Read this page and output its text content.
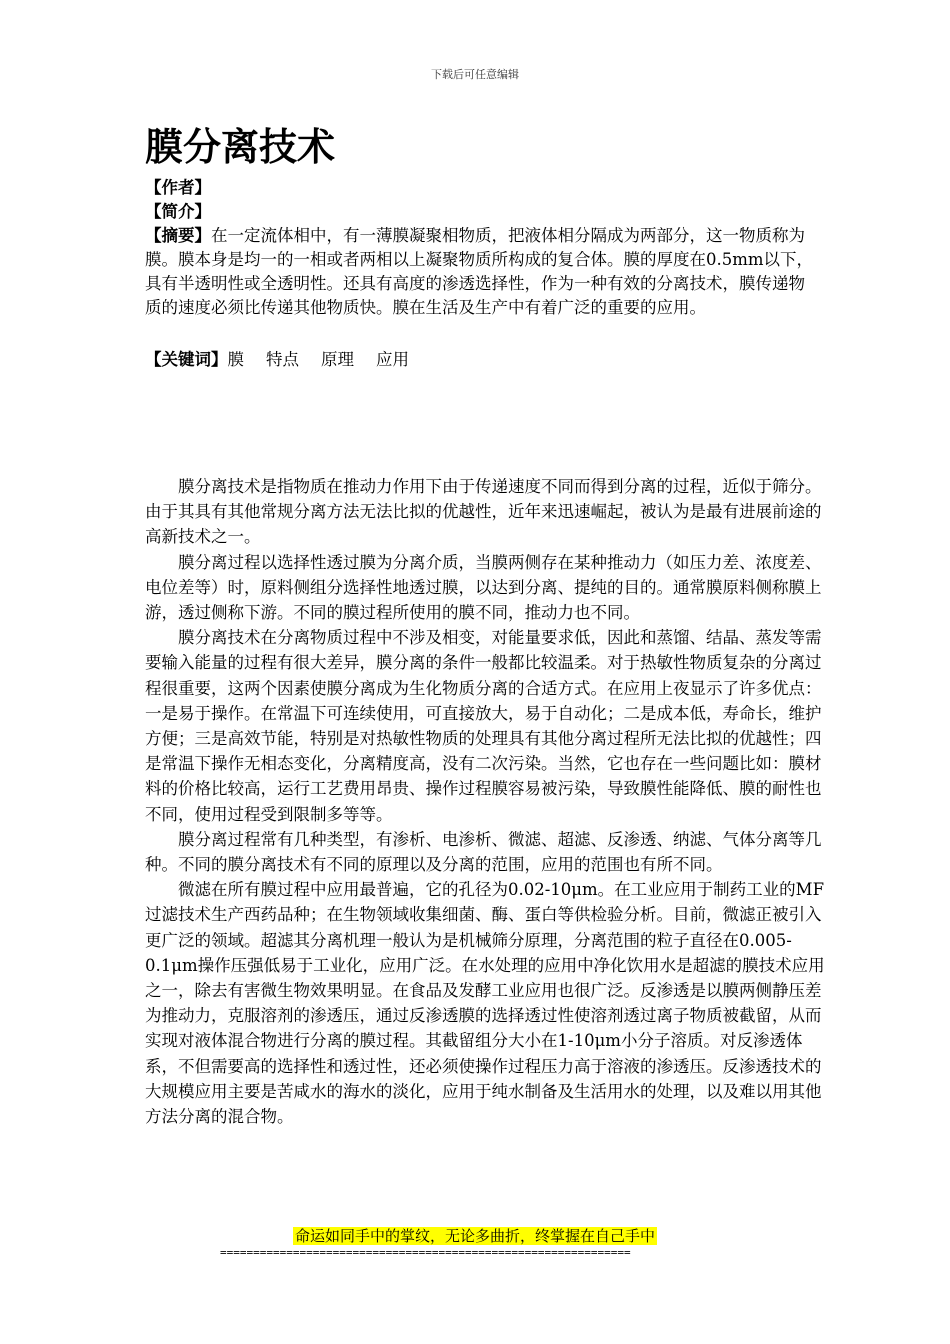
下载后可任意编辑
膜分离技术
【作者】
【简介】
【摘要】在一定流体相中，有一薄膜凝聚相物质，把液体相分隔成为两部分，这一物质称为膜。膜本身是均一的一相或者两相以上凝聚物质所构成的复合体。膜的厚度在0.5mm以下，具有半透明性或全透明性。还具有高度的渗透选择性，作为一种有效的分离技术，膜传递物质的速度必须比传递其他物质快。膜在生活及生产中有着广泛的重要的应用。
【关键词】膜 特点 原理 应用

膜分离技术是指物质在推动力作用下由于传递速度不同而得到分离的过程，近似于筛分。由于其具有其他常规分离方法无法比拟的优越性，近年来迅速崛起，被认为是最有进展前途的高新技术之一。

膜分离过程以选择性透过膜为分离介质，当膜两侧存在某种推动力（如压力差、浓度差、电位差等）时，原料侧组分选择性地透过膜，以达到分离、提纯的目的。通常膜原料侧称膜上游，透过侧称下游。不同的膜过程所使用的膜不同，推动力也不同。

膜分离技术在分离物质过程中不涉及相变，对能量要求低，因此和蒸馏、结晶、蒸发等需要输入能量的过程有很大差异，膜分离的条件一般都比较温柔。对于热敏性物质复杂的分离过程很重要，这两个因素使膜分离成为生化物质分离的合适方式。在应用上夜显示了许多优点：一是易于操作。在常温下可连续使用，可直接放大，易于自动化；二是成本低，寿命长，维护方便；三是高效节能，特别是对热敏性物质的处理具有其他分离过程所无法比拟的优越性；四是常温下操作无相态变化，分离精度高，没有二次污染。当然，它也存在一些问题比如：膜材料的价格比较高，运行工艺费用昂贵、操作过程膜容易被污染，导致膜性能降低、膜的耐性也不同，使用过程受到限制多等等。

膜分离过程常有几种类型，有渗析、电渗析、微滤、超滤、反渗透、纳滤、气体分离等几种。不同的膜分离技术有不同的原理以及分离的范围，应用的范围也有所不同。

微滤在所有膜过程中应用最普遍，它的孔径为0.02-10μm。在工业应用于制药工业的MF过滤技术生产西药品种；在生物领域收集细菌、酶、蛋白等供检验分析。目前，微滤正被引入更广泛的领域。超滤其分离机理一般认为是机械筛分原理，分离范围的粒子直径在0.005-0.1μm操作压强低易于工业化，应用广泛。在水处理的应用中净化饮用水是超滤的膜技术应用之一，除去有害微生物效果明显。在食品及发酵工业应用也很广泛。反渗透是以膜两侧静压差为推动力，克服溶剂的渗透压，通过反渗透膜的选择透过性使溶剂透过离子物质被截留，从而实现对液体混合物进行分离的膜过程。其截留组分大小在1-10μm小分子溶质。对反渗透体系，不但需要高的选择性和透过性，还必须使操作过程压力高于溶液的渗透压。反渗透技术的大规模应用主要是苦咸水的海水的淡化，应用于纯水制备及生活用水的处理，以及难以用其他方法分离的混合物。

命运如同手中的掌纹，无论多曲折，终掌握在自己手中
==============================================================
